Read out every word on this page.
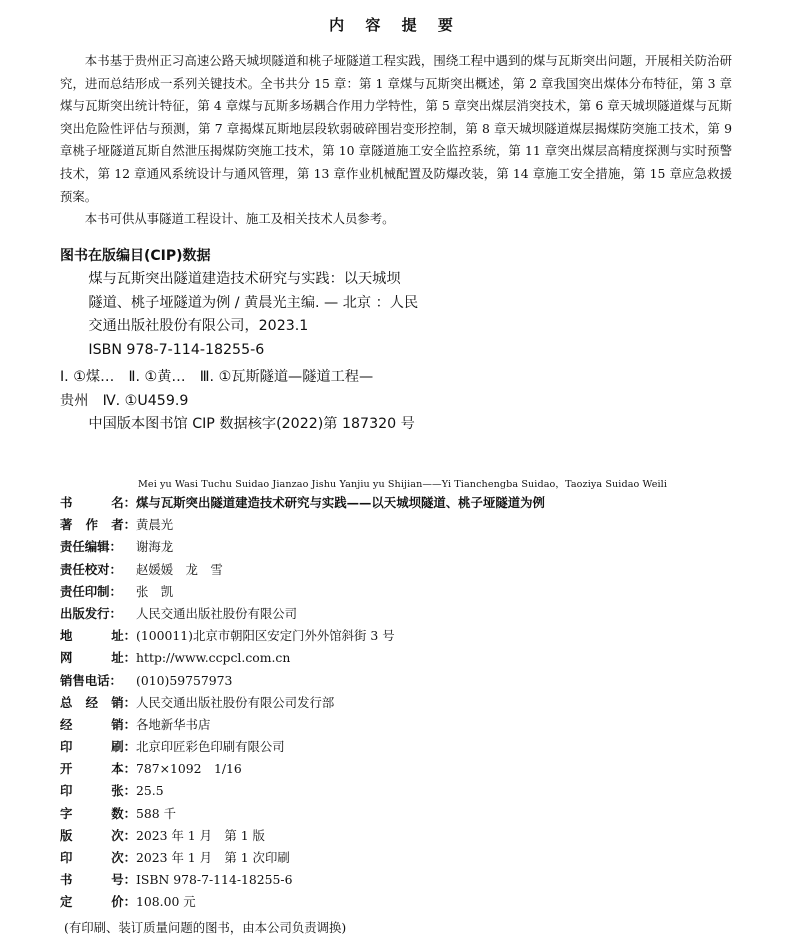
内 容 提 要

本书基于贵州正习高速公路天城坝隧道和桃子垭隧道工程实践，围绕工程中遇到的煤与瓦斯突出问题，开展相关防治研究，进而总结形成一系列关键技术。全书共分 15 章：第 1 章煤与瓦斯突出概述，第 2 章我国突出煤体分布特征，第 3 章煤与瓦斯突出统计特征，第 4 章煤与瓦斯多场耦合作用力学特性，第 5 章突出煤层消突技术，第 6 章天城坝隧道煤与瓦斯突出危险性评估与预测，第 7 章揭煤瓦斯地层段软弱破碎围岩变形控制，第 8 章天城坝隧道煤层揭煤防突施工技术，第 9 章桃子垭隧道瓦斯自然泄压揭煤防突施工技术，第 10 章隧道施工安全监控系统，第 11 章突出煤层高精度探测与实时预警技术，第 12 章通风系统设计与通风管理，第 13 章作业机械配置及防爆改装，第 14 章施工安全措施，第 15 章应急救援预案。

本书可供从事隧道工程设计、施工及相关技术人员参考。

图书在版编目(CIP)数据
煤与瓦斯突出隧道建造技术研究与实践：以天城坝
隧道、桃子垭隧道为例 / 黄晨光主编. — 北京 ：人民
交通出版社股份有限公司，2023.1
ISBN 978-7-114-18255-6
Ⅰ. ①煤…　Ⅱ. ①黄…　Ⅲ. ①瓦斯隧道—隧道工程—
贵州　Ⅳ. ①U459.9
中国版本图书馆 CIP 数据核字(2022)第 187320 号
Mei yu Wasi Tuchu Suidao Jianzao Jishu Yanjiu yu Shijian——Yi Tianchengba Suidao，Taoziya Suidao Weili
书	名： 煤与瓦斯突出隧道建造技术研究与实践——以天城坝隧道、桃子垭隧道为例
著 作 者： 黄晨光
责任编辑： 谢海龙
责任校对： 赵媛媛　龙　雪
责任印制： 张　凯
出版发行： 人民交通出版社股份有限公司
地	址： (100011)北京市朝阳区安定门外外馆斜街 3 号
网	址： http://www.ccpcl.com.cn
销售电话： (010)59757973
总 经 销： 人民交通出版社股份有限公司发行部
经	销： 各地新华书店
印	刷： 北京印匠彩色印刷有限公司
开	本： 787×1092　1/16
印	张： 25.5
字	数： 588 千
版	次： 2023 年 1 月　第 1 版
印	次： 2023 年 1 月　第 1 次印刷
书	号： ISBN 978-7-114-18255-6
定	价： 108.00 元
(有印刷、装订质量问题的图书，由本公司负责调换)
